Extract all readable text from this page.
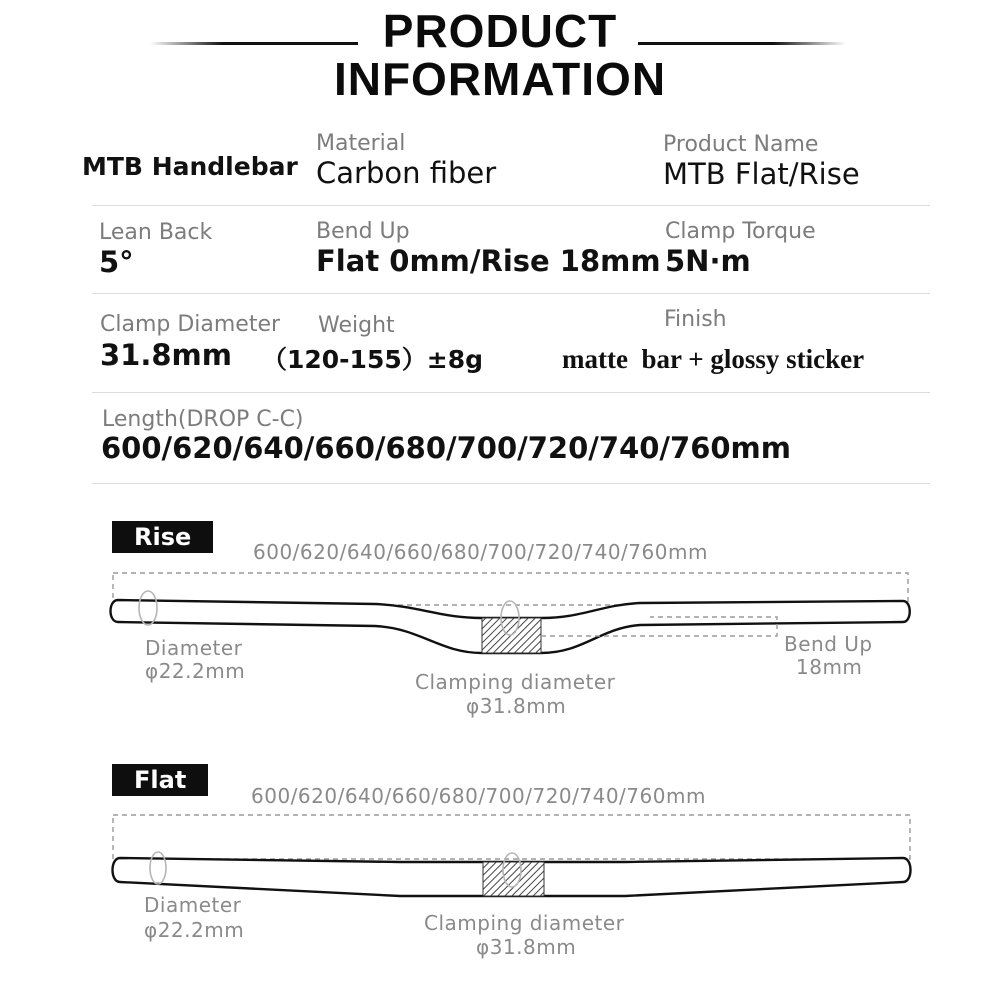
PRODUCT
INFORMATION
MTB Handlebar
Material
Carbon fiber
Product Name
MTB Flat/Rise
Lean Back
5°
Bend Up
Flat 0mm/Rise 18mm
Clamp Torque
5N·m
Clamp Diameter
31.8mm
Weight
（120-155）±8g
Finish
matte  bar + glossy sticker
Length(DROP C-C)
600/620/640/660/680/700/720/740/760mm
Rise
600/620/640/660/680/700/720/740/760mm
Diameter
φ22.2mm	Clamping diameter
φ31.8mm
Bend Up
18mm
Flat
600/620/640/660/680/700/720/740/760mm
Diameter
φ22.2mm	Clamping diameter
φ31.8mm
